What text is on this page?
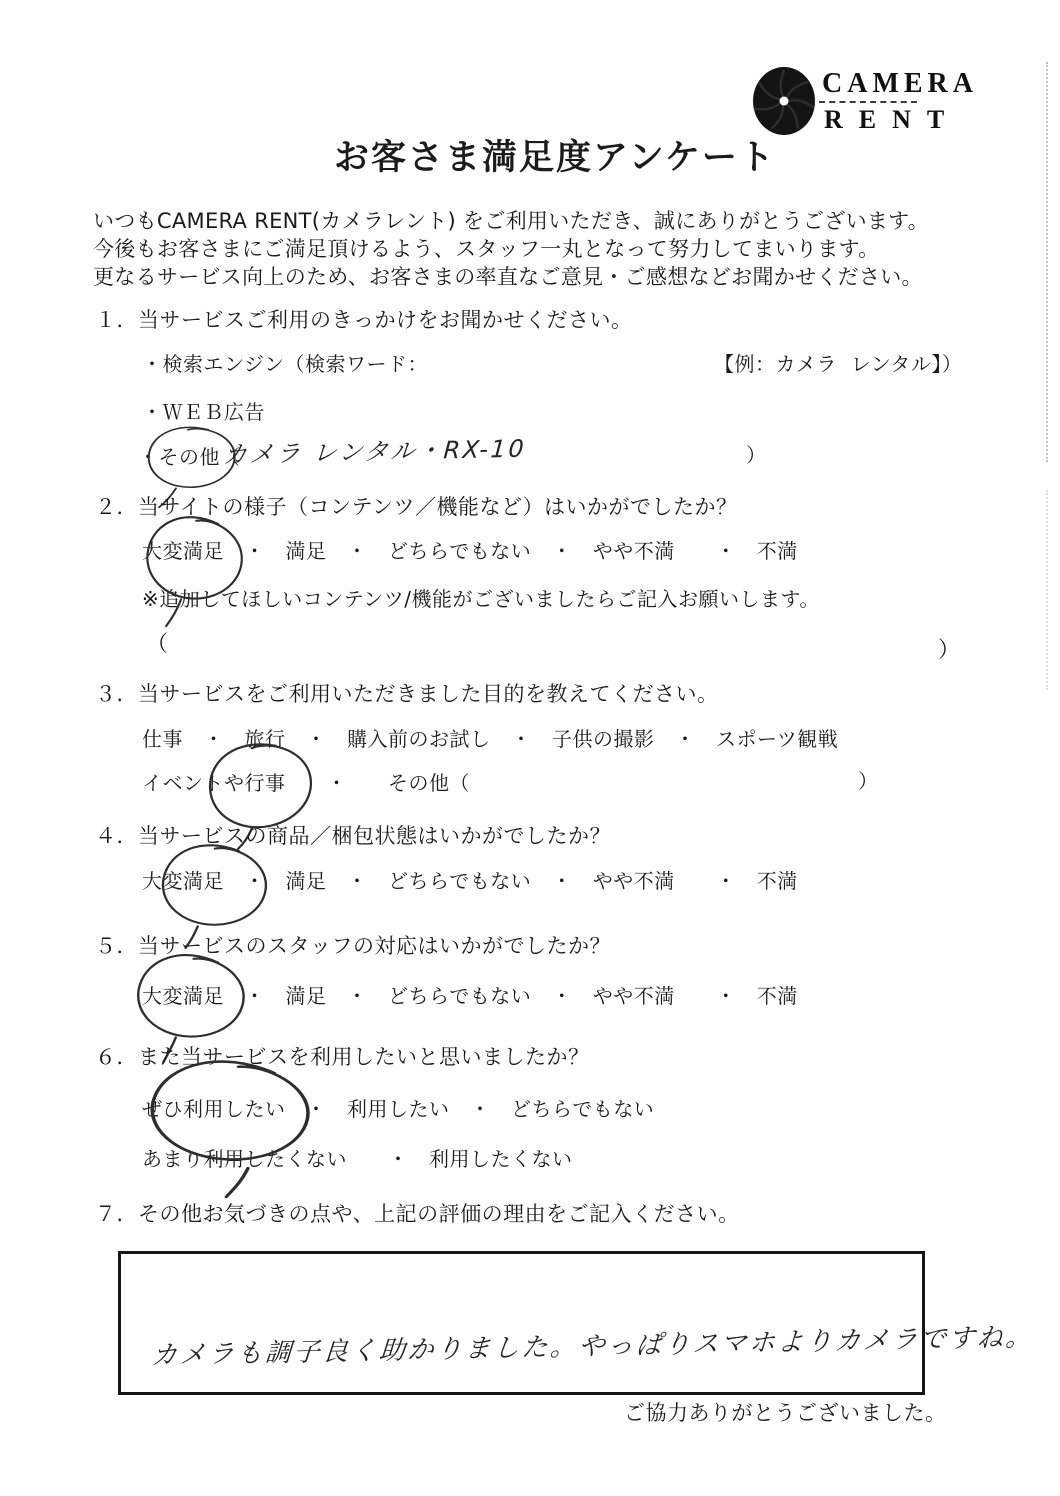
CAMERA
RENT
お客さま満足度アンケート
いつもCAMERA RENT(カメラレント) をご利用いただき、誠にありがとうございます。
今後もお客さまにご満足頂けるよう、スタッフ一丸となって努力してまいります。
更なるサービス向上のため、お客さまの率直なご意見・ご感想などお聞かせください。
１．当サービスご利用のきっかけをお聞かせください。
・検索エンジン（検索ワード：	【例：カメラ  レンタル】）
・ＷＥＢ広告
・その他（
カメラ レンタル・RX-10	）
２．当サイトの様子（コンテンツ／機能など）はいかがでしたか？
大変満足　・　満足　・　どちらでもない　・　やや不満　　・　不満
※追加してほしいコンテンツ/機能がございましたらご記入お願いします。
（	）
３．当サービスをご利用いただきました目的を教えてください。
仕事　・　旅行　・　購入前のお試し　・　子供の撮影　・　スポーツ観戦
イベントや行事　　・　　その他（	）
４．当サービスの商品／梱包状態はいかがでしたか？
大変満足　・　満足　・　どちらでもない　・　やや不満　　・　不満
５．当サービスのスタッフの対応はいかがでしたか？
大変満足　・　満足　・　どちらでもない　・　やや不満　　・　不満
６．また当サービスを利用したいと思いましたか？
ぜひ利用したい　・　利用したい　・　どちらでもない
あまり利用したくない　　・　利用したくない
７．その他お気づきの点や、上記の評価の理由をご記入ください。
カメラも調子良く助かりました。やっぱりスマホよりカメラですね。
ご協力ありがとうございました。
